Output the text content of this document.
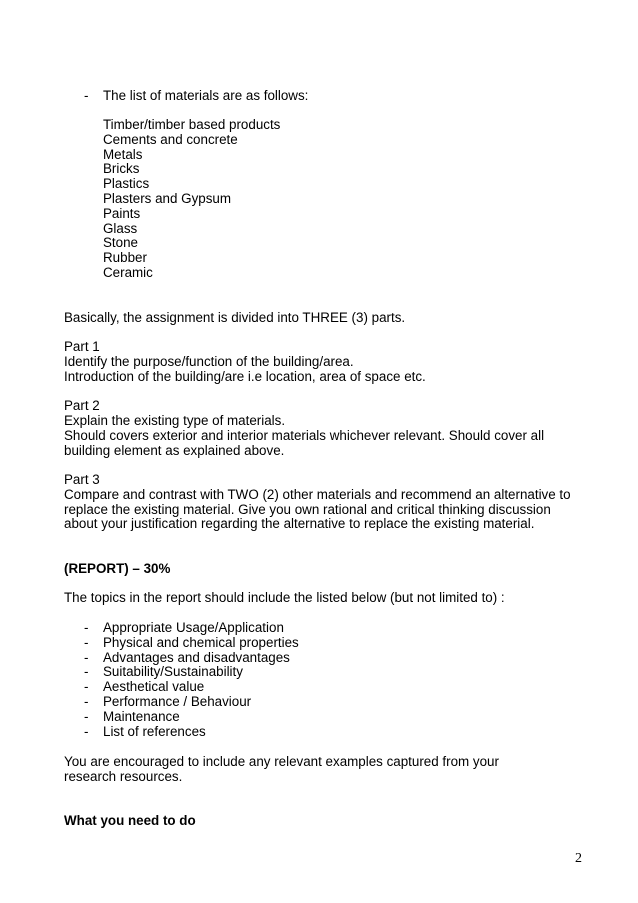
- The list of materials are as follows:
Timber/timber based products
Cements and concrete
Metals
Bricks
Plastics
Plasters and Gypsum
Paints
Glass
Stone
Rubber
Ceramic

Basically, the assignment is divided into THREE (3) parts.

Part 1

Identify the purpose/function of the building/area.

Introduction of the building/are i.e location, area of space etc.

Part 2

Explain the existing type of materials.

Should covers exterior and interior materials whichever relevant. Should cover all building element as explained above.

Part 3

Compare and contrast with TWO (2) other materials and recommend an alternative to replace the existing material. Give you own rational and critical thinking discussion about your justification regarding the alternative to replace the existing material.

(REPORT) – 30%

The topics in the report should include the listed below (but not limited to) :

- Appropriate Usage/Application
- Physical and chemical properties
- Advantages and disadvantages
- Suitability/Sustainability
- Aesthetical value
- Performance / Behaviour
- Maintenance
- List of references

You are encouraged to include any relevant examples captured from your research resources.

What you need to do

2
